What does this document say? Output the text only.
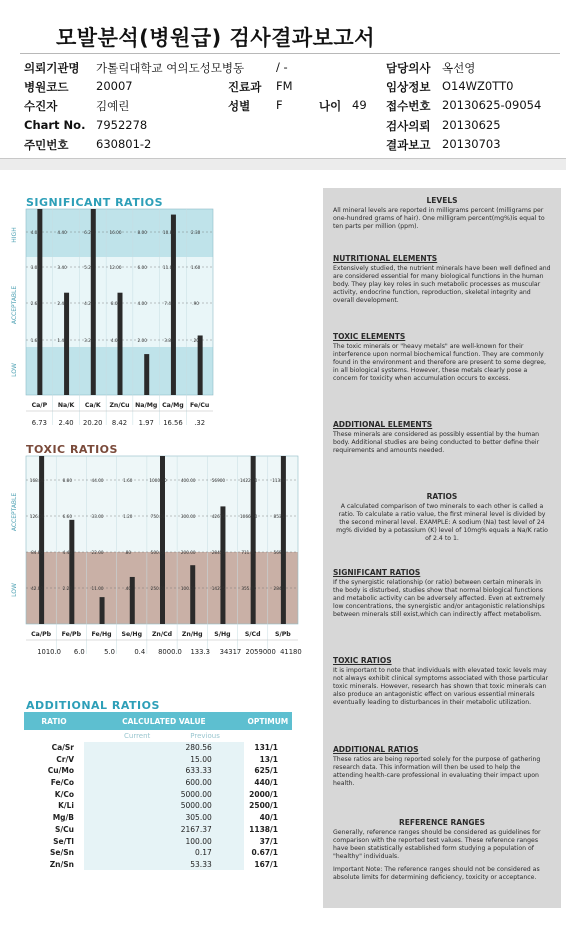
모발분석(병원급) 검사결과보고서
의뢰기관명 가톨릭대학교 여의도성모병동	/ -	담당의사 옥선영
병원코드 20007	진료과 FM	임상정보 O14WZ0TT0
수진자	김예린	성별 F	나이 49 접수번호 20130625-09054
Chart No. 7952278	검사의뢰 20130625
주민번호 630801-2	결과보고 20130703
SIGNIFICANT RATIOS
HIGH
ACCEPTABLE
LOW
4.00
3.00
2.60
1.60
Ca/P
6.73
4.40
3.40
2.40
1.40
Na/K
2.40
6.20
5.20
4.20
3.20
Ca/K
20.20
16.00
12.00
8.00
4.00
Zn/Cu
8.42
8.00
6.00
4.00
2.00
Na/Mg
1.97
10.80
11.00
7.40
3.80
Ca/Mg
16.56
2.30
1.60
.90
.20
Fe/Cu
.32
TOXIC RATIOS
ACCEPTABLE
LOW
168.00
126.00
84.00
42.00
Ca/Pb
1010.0
8.80
6.60
4.40
2.20
Fe/Pb
6.0
44.00
33.00
22.00
11.00
Fe/Hg
5.0
1.60
1.20
.80
.40
Se/Hg
0.4
1000.00
750.00
500.00
250.00
Zn/Cd
8000.0
400.00
300.00
200.00
100.00
Zn/Hg
133.3
56900
42675
28450
14225
S/Hg
34317
1422.00
1066.00
711.00
355.00
S/Cd
2059000
11380
8535
5690
2845
S/Pb
41180
ADDITIONAL RATIOS
RATIO	CALCULATED VALUE	OPTIMUM
	Current Previous	
Ca/Sr	280.56	131/1
Cr/V	15.00	13/1
Cu/Mo	633.33	625/1
Fe/Co	600.00	440/1
K/Co	5000.00	2000/1
K/Li	5000.00	2500/1
Mg/B	305.00	40/1
S/Cu	2167.37	1138/1
Se/Tl	100.00	37/1
Se/Sn	0.17	0.67/1
Zn/Sn	53.33	167/1
LEVELS
All mineral levels are reported in milligrams percent (milligrams per one-hundred grams of hair). One milligram percent(mg%)is equal to ten parts per million (ppm).
NUTRITIONAL ELEMENTS
Extensively studied, the nutrient minerals have been well defined and are considered essential for many biological functions in the human body. They play key roles in such metabolic processes as muscular activity, endocrine function, reproduction, skeletal integrity and overall development.
TOXIC ELEMENTS
The toxic minerals or "heavy metals" are well-known for their interference upon normal biochemical function. They are commonly found in the environment and therefore are present to some degree, in all biological systems. However, these metals clearly pose a concern for toxicity when accumulation occurs to excess.
ADDITIONAL ELEMENTS
These minerals are considered as possibly essential by the human body. Additional studies are being conducted to better define their requirements and amounts needed.
RATIOS
A calculated comparison of two minerals to each other is called a ratio. To calculate a ratio value, the first mineral level is divided by the second mineral level. EXAMPLE: A sodium (Na) test level of 24 mg% divided by a potassium (K) level of 10mg% equals a Na/K ratio of 2.4 to 1.
SIGNIFICANT RATIOS
If the synergistic relationship (or ratio) between certain minerals in the body is disturbed, studies show that normal biological functions and metabolic activity can be adversely affected. Even at extremely low concentrations, the synergistic and/or antagonistic relationships between minerals still exist,which can indirectly affect metabolism.
TOXIC RATIOS
It is important to note that individuals with elevated toxic levels may not always exhibit clinical symptoms associated with those particular toxic minerals. However, research has shown that toxic minerals can also produce an antagonistic effect on various essential minerals eventually leading to disturbances in their metabolic utilization.
ADDITIONAL RATIOS
These ratios are being reported solely for the purpose of gathering research data. This information will then be used to help the attending health-care professional in evaluating their impact upon health.
REFERENCE RANGES
Generally, reference ranges should be considered as guidelines for comparison with the reported test values. These reference ranges have been statistically established form studying a population of "healthy" individuals.
Important Note: The reference ranges should not be considered as absolute limits for determining deficiency, toxicity or acceptance.
